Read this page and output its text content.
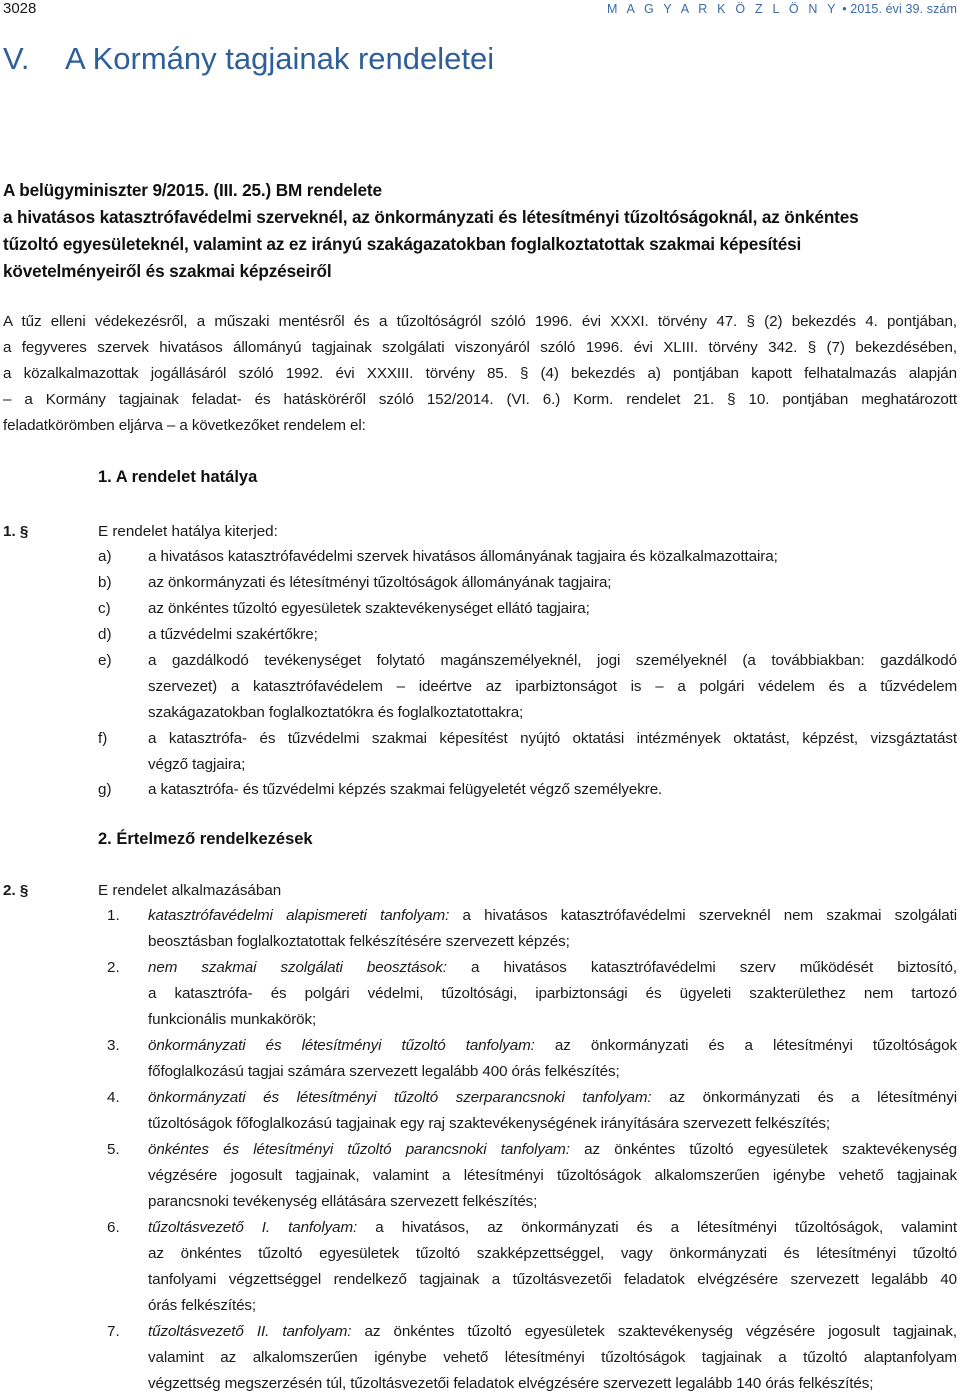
3028	M A G Y A R K Ö Z L Ö N Y • 2015. évi 39. szám
V. A Kormány tagjainak rendeletei
A belügyminiszter 9/2015. (III. 25.) BM rendelete
a hivatásos katasztrófavédelmi szerveknél, az önkormányzati és létesítményi tűzoltóságoknál, az önkéntes
tűzoltó egyesületeknél, valamint az ez irányú szakágazatokban foglalkoztatottak szakmai képesítési
követelményeiről és szakmai képzéseiről
A tűz elleni védekezésről, a műszaki mentésről és a tűzoltóságról szóló 1996. évi XXXI. törvény 47. § (2) bekezdés 4. pontjában,
a fegyveres szervek hivatásos állományú tagjainak szolgálati viszonyáról szóló 1996. évi XLIII. törvény 342. § (7) bekezdésében,
a közalkalmazottak jogállásáról szóló 1992. évi XXXIII. törvény 85. § (4) bekezdés a) pontjában kapott felhatalmazás alapján
– a Kormány tagjainak feladat- és hatásköréről szóló 152/2014. (VI. 6.) Korm. rendelet 21. § 10. pontjában meghatározott
feladatkörömben eljárva – a következőket rendelem el:
1. A rendelet hatálya
1. §	E rendelet hatálya kiterjed:
a) a hivatásos katasztrófavédelmi szervek hivatásos állományának tagjaira és közalkalmazottaira;
b) az önkormányzati és létesítményi tűzoltóságok állományának tagjaira;
c) az önkéntes tűzoltó egyesületek szaktevékenységet ellátó tagjaira;
d) a tűzvédelmi szakértőkre;
e) a gazdálkodó tevékenységet folytató magánszemélyeknél, jogi személyeknél (a továbbiakban: gazdálkodó
szervezet) a katasztrófavédelem – ideértve az iparbiztonságot is – a polgári védelem és a tűzvédelem
szakágazatokban foglalkoztatókra és foglalkoztatottakra;
f)	a katasztrófa- és tűzvédelmi szakmai képesítést nyújtó oktatási intézmények oktatást, képzést, vizsgáztatást
végző tagjaira;
g) a katasztrófa- és tűzvédelmi képzés szakmai felügyeletét végző személyekre.
2. Értelmező rendelkezések
2. §	E rendelet alkalmazásában
1. katasztrófavédelmi alapismereti tanfolyam: a hivatásos katasztrófavédelmi szerveknél nem szakmai szolgálati
beosztásban foglalkoztatottak felkészítésére szervezett képzés;
2. nem szakmai szolgálati beosztások: a hivatásos katasztrófavédelmi szerv működését biztosító,
a katasztrófa- és polgári védelmi, tűzoltósági, iparbiztonsági és ügyeleti szakterülethez nem tartozó
funkcionális munkakörök;
3. önkormányzati és létesítményi tűzoltó tanfolyam: az önkormányzati és a létesítményi tűzoltóságok
főfoglalkozású tagjai számára szervezett legalább 400 órás felkészítés;
4. önkormányzati és létesítményi tűzoltó szerparancsnoki tanfolyam: az önkormányzati és a létesítményi
tűzoltóságok főfoglalkozású tagjainak egy raj szaktevékenységének irányítására szervezett felkészítés;
5. önkéntes és létesítményi tűzoltó parancsnoki tanfolyam: az önkéntes tűzoltó egyesületek szaktevékenység
végzésére jogosult tagjainak, valamint a létesítményi tűzoltóságok alkalomszerűen igénybe vehető tagjainak
parancsnoki tevékenység ellátására szervezett felkészítés;
6. tűzoltásvezető I. tanfolyam: a hivatásos, az önkormányzati és a létesítményi tűzoltóságok, valamint
az önkéntes tűzoltó egyesületek tűzoltó szakképzettséggel, vagy önkormányzati és létesítményi tűzoltó
tanfolyami végzettséggel rendelkező tagjainak a tűzoltásvezetői feladatok elvégzésére szervezett legalább 40
órás felkészítés;
7. tűzoltásvezető II. tanfolyam: az önkéntes tűzoltó egyesületek szaktevékenység végzésére jogosult tagjainak,
valamint az alkalomszerűen igénybe vehető létesítményi tűzoltóságok tagjainak a tűzoltó alaptanfolyam
végzettség megszerzésén túl, tűzoltásvezetői feladatok elvégzésére szervezett legalább 140 órás felkészítés;
